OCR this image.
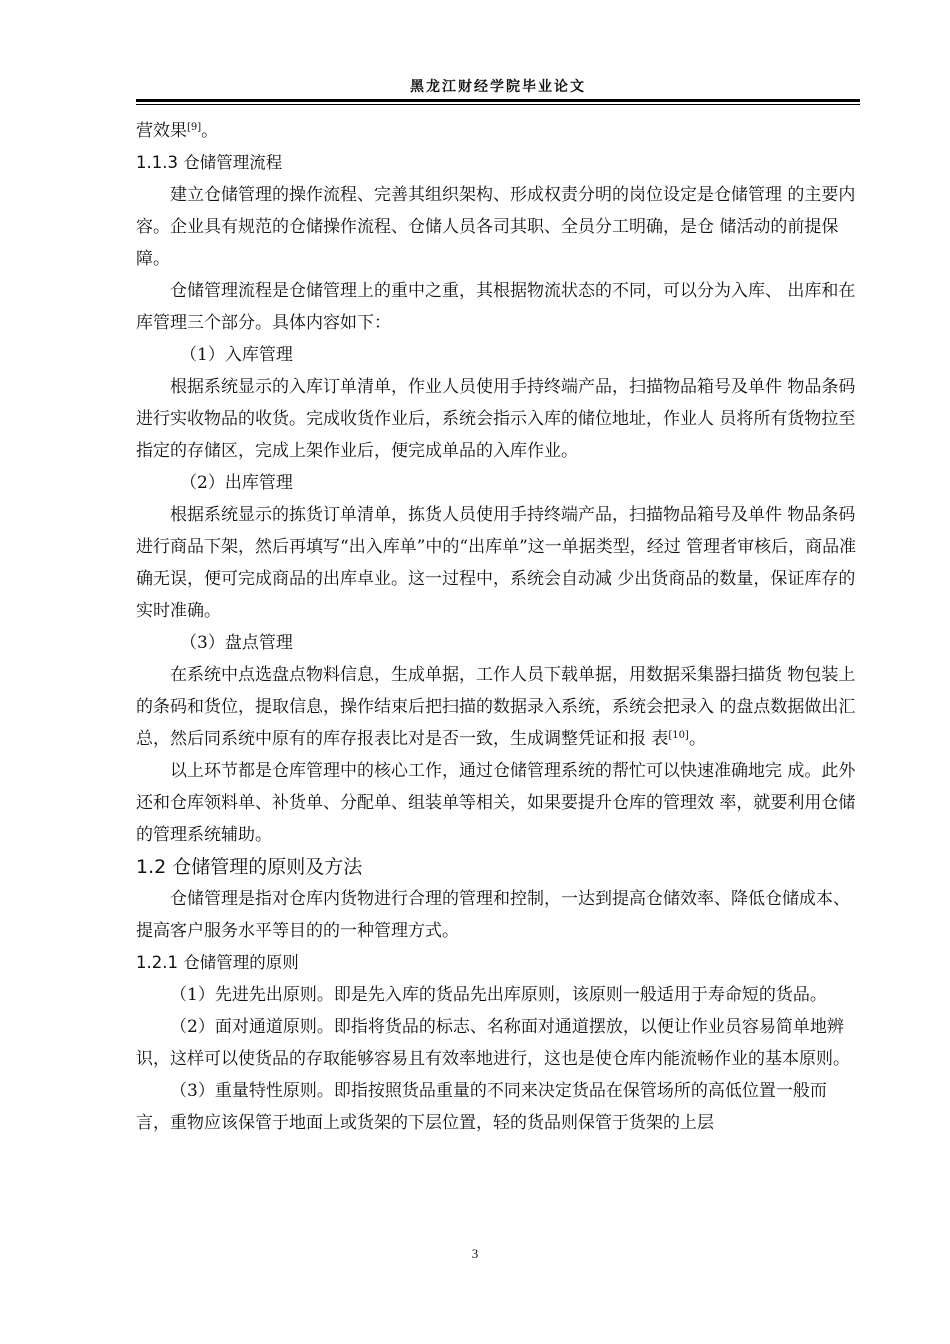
黑龙江财经学院毕业论文

营效果[9]。

1.1.3 仓储管理流程

建立仓储管理的操作流程、完善其组织架构、形成权责分明的岗位设定是仓储管理 的主要内容。企业具有规范的仓储操作流程、仓储人员各司其职、全员分工明确，是仓 储活动的前提保障。

仓储管理流程是仓储管理上的重中之重，其根据物流状态的不同，可以分为入库、 出库和在库管理三个部分。具体内容如下：

（1）入库管理

根据系统显示的入库订单清单，作业人员使用手持终端产品，扫描物品箱号及单件 物品条码进行实收物品的收货。完成收货作业后，系统会指示入库的储位地址，作业人 员将所有货物拉至指定的存储区，完成上架作业后，便完成单品的入库作业。

（2）出库管理

根据系统显示的拣货订单清单，拣货人员使用手持终端产品，扫描物品箱号及单件 物品条码进行商品下架，然后再填写“出入库单”中的“出库单”这一单据类型，经过 管理者审核后，商品准确无误，便可完成商品的出库卓业。这一过程中，系统会自动减 少出货商品的数量，保证库存的实时准确。

（3）盘点管理

在系统中点选盘点物料信息，生成单据，工作人员下载单据，用数据采集器扫描货 物包装上的条码和货位，提取信息，操作结束后把扫描的数据录入系统，系统会把录入 的盘点数据做出汇总，然后同系统中原有的库存报表比对是否一致，生成调整凭证和报 表[10]。

以上环节都是仓库管理中的核心工作，通过仓储管理系统的帮忙可以快速准确地完 成。此外还和仓库领料单、补货单、分配单、组装单等相关，如果要提升仓库的管理效 率，就要利用仓储的管理系统辅助。

1.2 仓储管理的原则及方法

仓储管理是指对仓库内货物进行合理的管理和控制，一达到提高仓储效率、降低仓储成本、提高客户服务水平等目的的一种管理方式。

1.2.1 仓储管理的原则

（1）先进先出原则。即是先入库的货品先出库原则，该原则一般适用于寿命短的货品。

（2）面对通道原则。即指将货品的标志、名称面对通道摆放，以便让作业员容易简单地辨识，这样可以使货品的存取能够容易且有效率地进行，这也是使仓库内能流畅作业的基本原则。

（3）重量特性原则。即指按照货品重量的不同来决定货品在保管场所的高低位置一般而言，重物应该保管于地面上或货架的下层位置，轻的货品则保管于货架的上层

3
